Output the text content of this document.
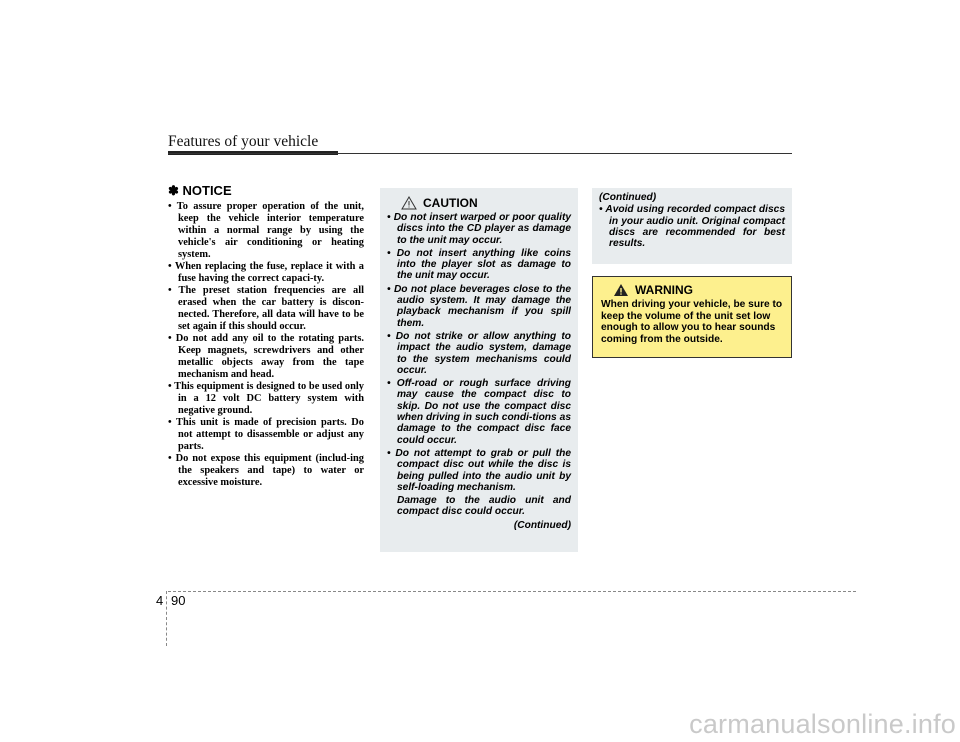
Features of your vehicle
✽ NOTICE
• To assure proper operation of the unit, keep the vehicle interior temperature within a normal range by using the vehicle's air conditioning or heating system.
• When replacing the fuse, replace it with a fuse having the correct capaci-ty.
• The preset station frequencies are all erased when the car battery is discon-nected. Therefore, all data will have to be set again if this should occur.
• Do not add any oil to the rotating parts. Keep magnets, screwdrivers and other metallic objects away from the tape mechanism and head.
• This equipment is designed to be used only in a 12 volt DC battery system with negative ground.
• This unit is made of precision parts. Do not attempt to disassemble or adjust any parts.
• Do not expose this equipment (includ-ing the speakers and tape) to water or excessive moisture.
CAUTION
• Do not insert warped or poor quality discs into the CD player as damage to the unit may occur.
• Do not insert anything like coins into the player slot as damage to the unit may occur.
• Do not place beverages close to the audio system. It may damage the playback mechanism if you spill them.
• Do not strike or allow anything to impact the audio system, damage to the system mechanisms could occur.
• Off-road or rough surface driving may cause the compact disc to skip. Do not use the compact disc when driving in such condi-tions as damage to the compact disc face could occur.
• Do not attempt to grab or pull the compact disc out while the disc is being pulled into the audio unit by self-loading mechanism.
Damage to the audio unit and compact disc could occur.
(Continued)
(Continued)
• Avoid using recorded compact discs in your audio unit. Original compact discs are recommended for best results.
WARNING
When driving your vehicle, be sure to keep the volume of the unit set low enough to allow you to hear sounds coming from the outside.
4 90
carmanualsonline.info
